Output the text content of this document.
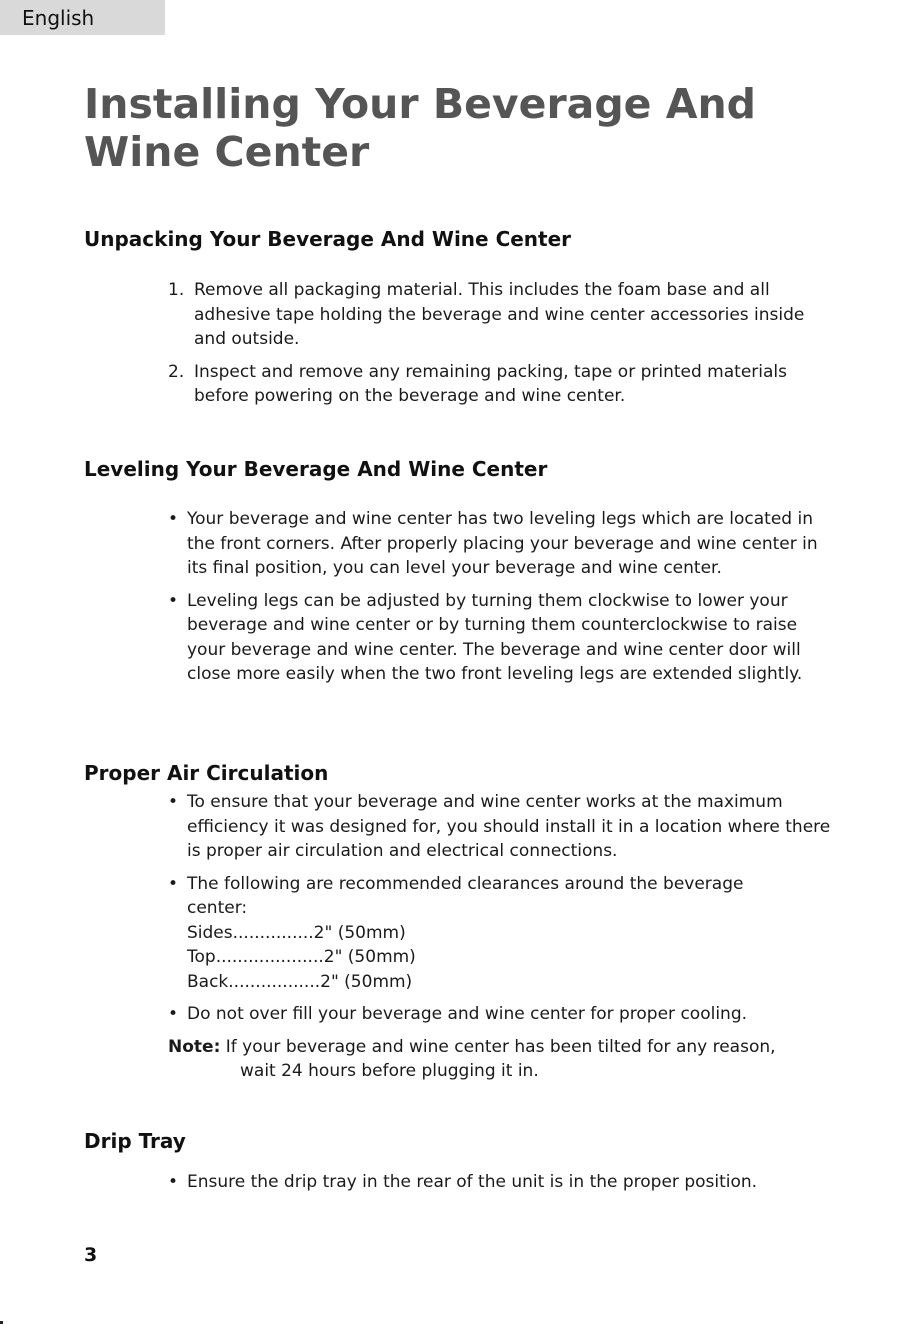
English
Installing Your Beverage And Wine Center
Unpacking Your Beverage And Wine Center
1. Remove all packaging material. This includes the foam base and all adhesive tape holding the beverage and wine center accessories inside and outside.
2. Inspect and remove any remaining packing, tape or printed materials before powering on the beverage and wine center.
Leveling Your Beverage And Wine Center
• Your beverage and wine center has two leveling legs which are located in the front corners. After properly placing your beverage and wine center in its final position, you can level your beverage and wine center.
• Leveling legs can be adjusted by turning them clockwise to lower your beverage and wine center or by turning them counterclockwise to raise your beverage and wine center. The beverage and wine center door will close more easily when the two front leveling legs are extended slightly.
Proper Air Circulation
• To ensure that your beverage and wine center works at the maximum efficiency it was designed for, you should install it in a location where there is proper air circulation and electrical connections.
• The following are recommended clearances around the beverage center:
Sides...............2" (50mm)
Top....................2" (50mm)
Back.................2" (50mm)
• Do not over fill your beverage and wine center for proper cooling.
Note: If your beverage and wine center has been tilted for any reason,
wait 24 hours before plugging it in.
Drip Tray
• Ensure the drip tray in the rear of the unit is in the proper position.
3
